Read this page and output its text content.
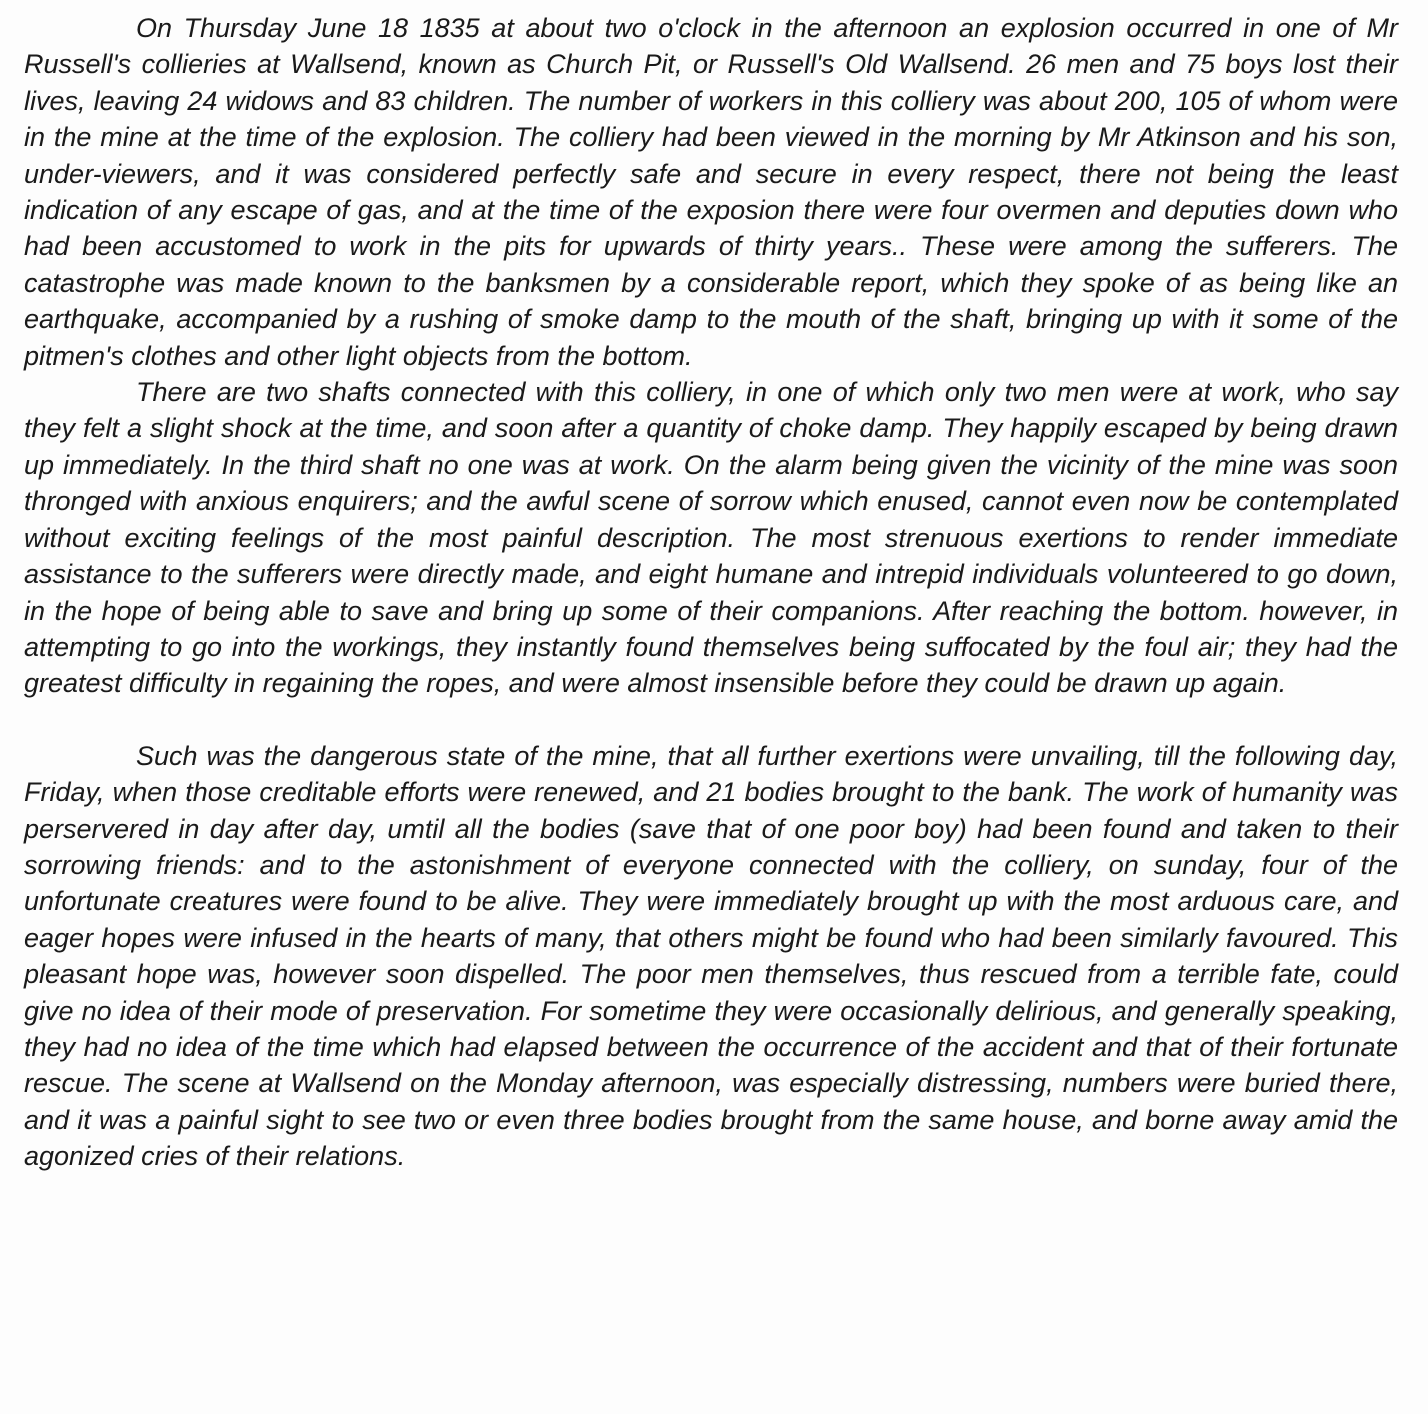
On Thursday June 18 1835 at about two o'clock in the afternoon an explosion occurred in one of Mr Russell's collieries at Wallsend, known as Church Pit, or Russell's Old Wallsend. 26 men and 75 boys lost their lives, leaving 24 widows and 83 children. The number of workers in this colliery was about 200, 105 of whom were in the mine at the time of the explosion. The colliery had been viewed in the morning by Mr Atkinson and his son, under-viewers, and it was considered perfectly safe and secure in every respect, there not being the least indication of any escape of gas, and at the time of the exposion there were four overmen and deputies down who had been accustomed to work in the pits for upwards of thirty years.. These were among the sufferers. The catastrophe was made known to the banksmen by a considerable report, which they spoke of as being like an earthquake, accompanied by a rushing of smoke damp to the mouth of the shaft, bringing up with it some of the pitmen's clothes and other light objects from the bottom.

There are two shafts connected with this colliery, in one of which only two men were at work, who say they felt a slight shock at the time, and soon after a quantity of choke damp. They happily escaped by being drawn up immediately. In the third shaft no one was at work. On the alarm being given the vicinity of the mine was soon thronged with anxious enquirers; and the awful scene of sorrow which enused, cannot even now be contemplated without exciting feelings of the most painful description. The most strenuous exertions to render immediate assistance to the sufferers were directly made, and eight humane and intrepid individuals volunteered to go down, in the hope of being able to save and bring up some of their companions. After reaching the bottom. however, in attempting to go into the workings, they instantly found themselves being suffocated by the foul air; they had the greatest difficulty in regaining the ropes, and were almost insensible before they could be drawn up again.

Such was the dangerous state of the mine, that all further exertions were unvailing, till the following day, Friday, when those creditable efforts were renewed, and 21 bodies brought to the bank. The work of humanity was perservered in day after day, umtil all the bodies (save that of one poor boy) had been found and taken to their sorrowing friends: and to the astonishment of everyone connected with the colliery, on sunday, four of the unfortunate creatures were found to be alive. They were immediately brought up with the most arduous care, and eager hopes were infused in the hearts of many, that others might be found who had been similarly favoured. This pleasant hope was, however soon dispelled. The poor men themselves, thus rescued from a terrible fate, could give no idea of their mode of preservation. For sometime they were occasionally delirious, and generally speaking, they had no idea of the time which had elapsed between the occurrence of the accident and that of their fortunate rescue. The scene at Wallsend on the Monday afternoon, was especially distressing, numbers were buried there, and it was a painful sight to see two or even three bodies brought from the same house, and borne away amid the agonized cries of their relations.
